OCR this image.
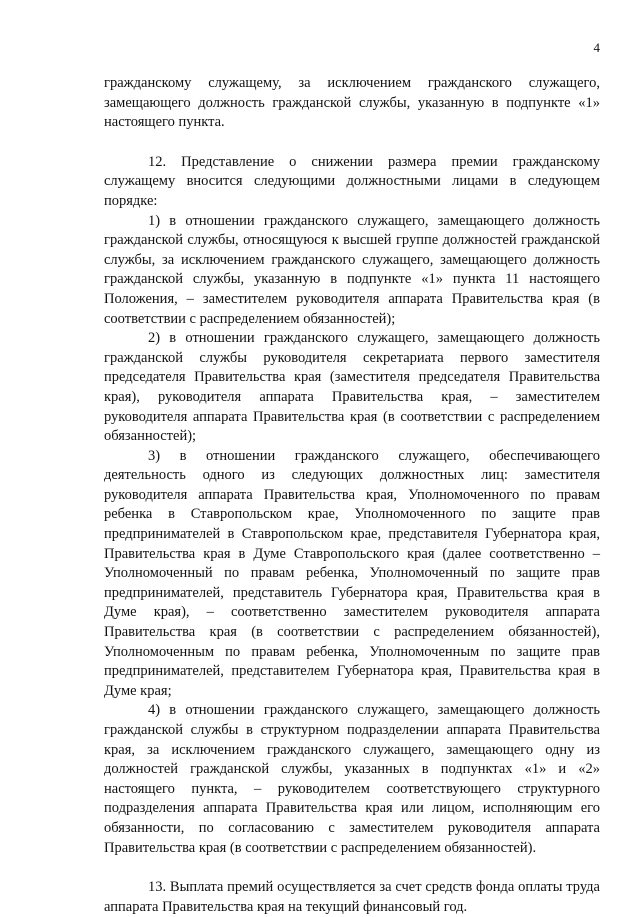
4

гражданскому служащему, за исключением гражданского служащего, замещающего должность гражданской службы, указанную в подпункте «1» настоящего пункта.

12. Представление о снижении размера премии гражданскому служащему вносится следующими должностными лицами в следующем порядке:

1) в отношении гражданского служащего, замещающего должность гражданской службы, относящуюся к высшей группе должностей гражданской службы, за исключением гражданского служащего, замещающего должность гражданской службы, указанную в подпункте «1» пункта 11 настоящего Положения, – заместителем руководителя аппарата Правительства края (в соответствии с распределением обязанностей);

2) в отношении гражданского служащего, замещающего должность гражданской службы руководителя секретариата первого заместителя председателя Правительства края (заместителя председателя Правительства края), руководителя аппарата Правительства края, – заместителем руководителя аппарата Правительства края (в соответствии с распределением обязанностей);

3) в отношении гражданского служащего, обеспечивающего деятельность одного из следующих должностных лиц: заместителя руководителя аппарата Правительства края, Уполномоченного по правам ребенка в Ставропольском крае, Уполномоченного по защите прав предпринимателей в Ставропольском крае, представителя Губернатора края, Правительства края в Думе Ставропольского края (далее соответственно – Уполномоченный по правам ребенка, Уполномоченный по защите прав предпринимателей, представитель Губернатора края, Правительства края в Думе края), – соответственно заместителем руководителя аппарата Правительства края (в соответствии с распределением обязанностей), Уполномоченным по правам ребенка, Уполномоченным по защите прав предпринимателей, представителем Губернатора края, Правительства края в Думе края;

4) в отношении гражданского служащего, замещающего должность гражданской службы в структурном подразделении аппарата Правительства края, за исключением гражданского служащего, замещающего одну из должностей гражданской службы, указанных в подпунктах «1» и «2» настоящего пункта, – руководителем соответствующего структурного подразделения аппарата Правительства края или лицом, исполняющим его обязанности, по согласованию с заместителем руководителя аппарата Правительства края (в соответствии с распределением обязанностей).

13. Выплата премий осуществляется за счет средств фонда оплаты труда аппарата Правительства края на текущий финансовый год.
